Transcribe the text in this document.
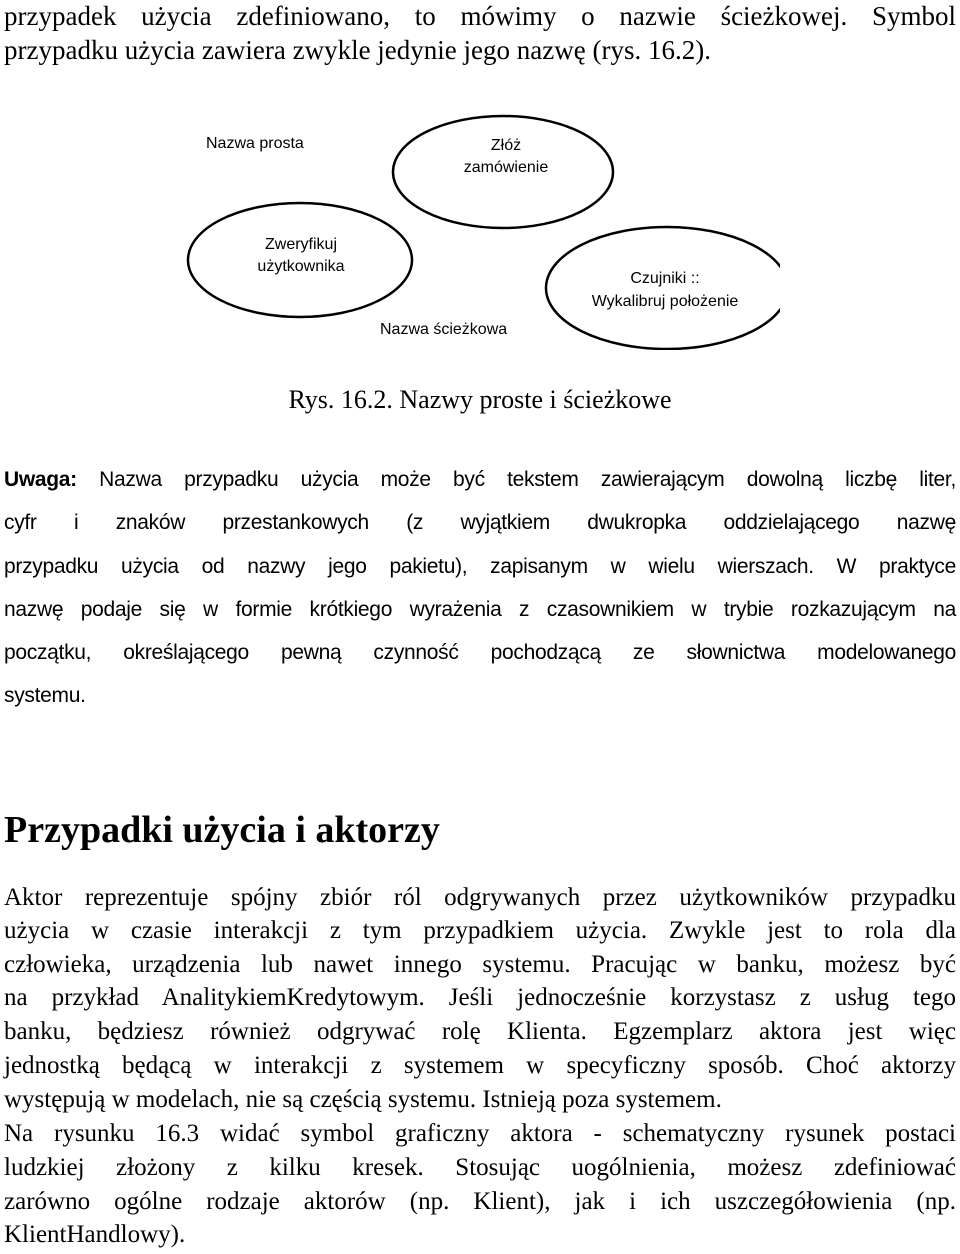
przypadek użycia zdefiniowano, to mówimy o nazwie ścieżkowej. Symbol
przypadku użycia zawiera zwykle jedynie jego nazwę (rys. 16.2).
Nazwa prosta	Złóż
zamówienie
Zweryfikuj
użytkownika
Czujniki ::
Wykalibruj położenie
Nazwa ścieżkowa
Rys. 16.2. Nazwy proste i ścieżkowe
Uwaga: Nazwa przypadku użycia może być tekstem zawierającym dowolną liczbę liter,
cyfr i znaków przestankowych (z wyjątkiem dwukropka oddzielającego nazwę
przypadku użycia od nazwy jego pakietu), zapisanym w wielu wierszach. W praktyce
nazwę podaje się w formie krótkiego wyrażenia z czasownikiem w trybie rozkazującym na
początku, określającego pewną czynność pochodzącą ze słownictwa modelowanego
systemu.
Przypadki użycia i aktorzy
Aktor reprezentuje spójny zbiór ról odgrywanych przez użytkowników przypadku
użycia w czasie interakcji z tym przypadkiem użycia. Zwykle jest to rola dla
człowieka, urządzenia lub nawet innego systemu. Pracując w banku, możesz być
na przykład AnalitykiemKredytowym. Jeśli jednocześnie korzystasz z usług tego
banku, będziesz również odgrywać rolę Klienta. Egzemplarz aktora jest więc
jednostką będącą w interakcji z systemem w specyficzny sposób. Choć aktorzy
występują w modelach, nie są częścią systemu. Istnieją poza systemem.
Na rysunku 16.3 widać symbol graficzny aktora - schematyczny rysunek postaci
ludzkiej złożony z kilku kresek. Stosując uogólnienia, możesz zdefiniować
zarówno ogólne rodzaje aktorów (np. Klient), jak i ich uszczegółowienia (np.
KlientHandlowy).
